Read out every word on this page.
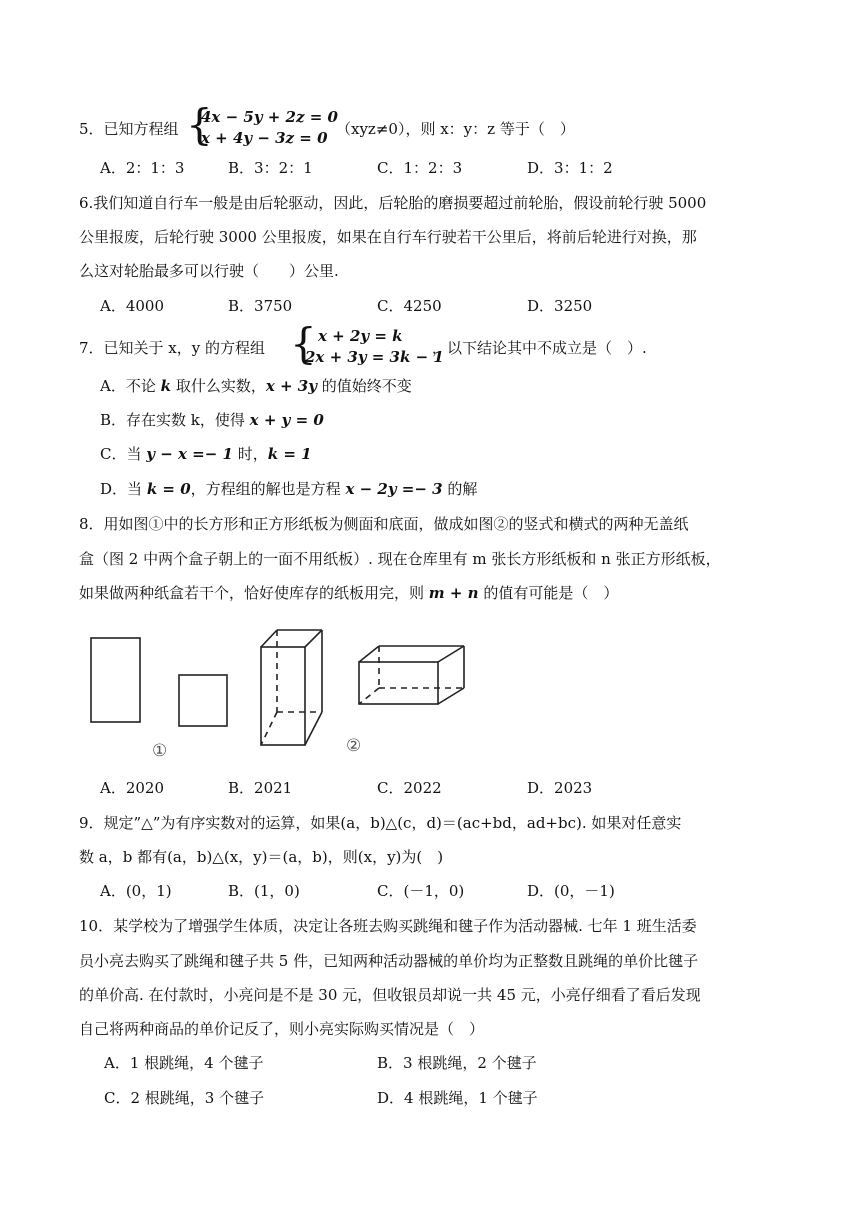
5．已知方程组 {
4x − 5y + 2z = 0
x + 4y − 3z = 0 （xyz≠0），则 x：y：z 等于（　）
A．2：1：3	B．3：2：1	C．1：2：3	D．3：1：2
6.我们知道自行车一般是由后轮驱动，因此，后轮胎的磨损要超过前轮胎，假设前轮行驶 5000
公里报废，后轮行驶 3000 公里报废，如果在自行车行驶若干公里后，将前后轮进行对换，那
么这对轮胎最多可以行驶（　　）公里.
A．4000	B．3750	C．4250	D．3250
7．已知关于 x，y 的方程组 { x + 2y = k
2x + 3y = 3k − 1
，以下结论其中不成立是（　）.
A．不论 k 取什么实数，x + 3y 的值始终不变
B．存在实数 k，使得 x + y = 0
C．当 y − x =− 1 时，k = 1
D．当 k = 0，方程组的解也是方程 x − 2y =− 3 的解
8．用如图①中的长方形和正方形纸板为侧面和底面，做成如图②的竖式和横式的两种无盖纸
盒（图 2 中两个盒子朝上的一面不用纸板）. 现在仓库里有 m 张长方形纸板和 n 张正方形纸板，
如果做两种纸盒若干个，恰好使库存的纸板用完，则 m + n 的值有可能是（　）
①	②
A．2020	B．2021	C．2022	D．2023
9．规定”△”为有序实数对的运算，如果(a，b)△(c，d)＝(ac+bd，ad+bc). 如果对任意实
数 a，b 都有(a，b)△(x，y)＝(a，b)，则(x，y)为(　)
A．(0，1)	B．(1，0)	C．(－1，0)	D．(0，－1)
10．某学校为了增强学生体质，决定让各班去购买跳绳和毽子作为活动器械. 七年 1 班生活委
员小亮去购买了跳绳和毽子共 5 件，已知两种活动器械的单价均为正整数且跳绳的单价比毽子
的单价高. 在付款时，小亮问是不是 30 元，但收银员却说一共 45 元，小亮仔细看了看后发现
自己将两种商品的单价记反了，则小亮实际购买情况是（　）
A．1 根跳绳，4 个毽子	B．3 根跳绳，2 个毽子
C．2 根跳绳，3 个毽子	D．4 根跳绳，1 个毽子
